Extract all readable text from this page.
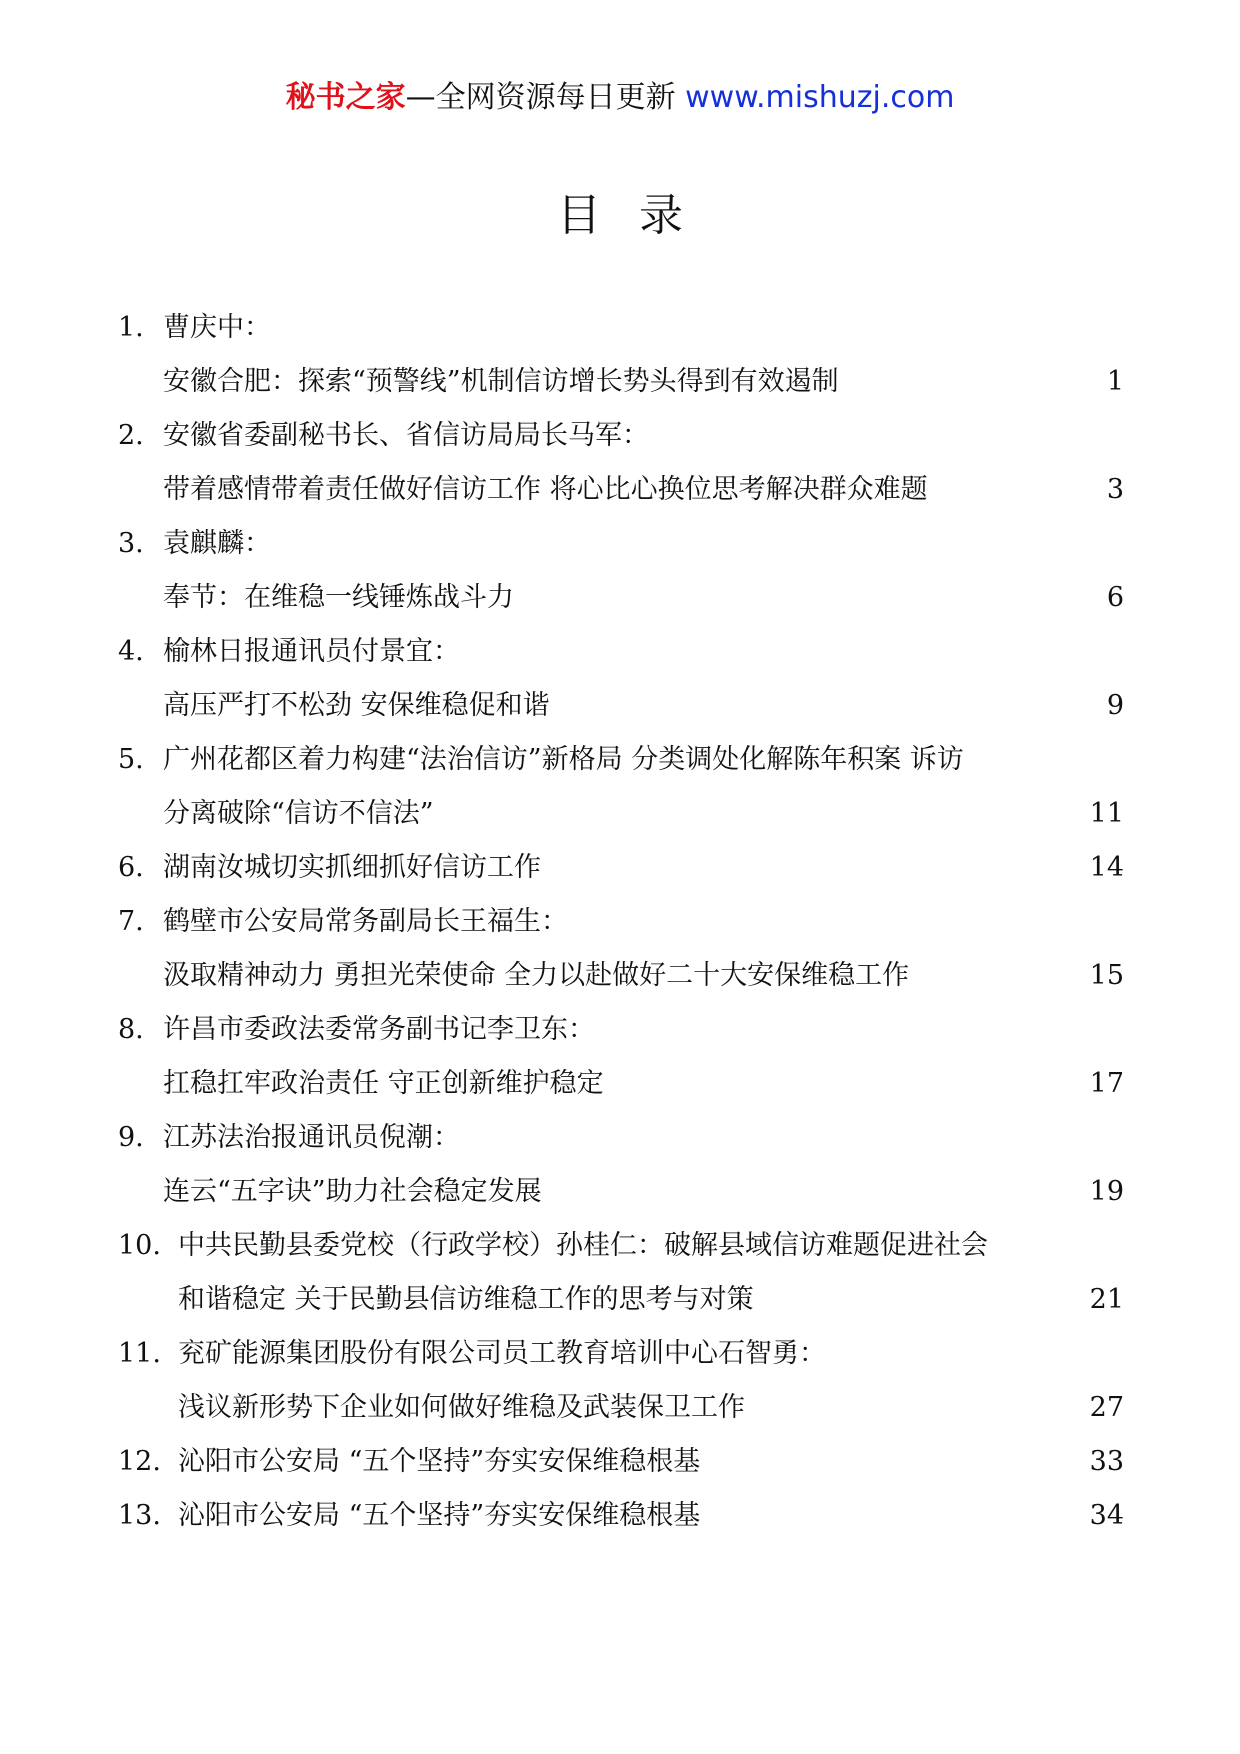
秘书之家—全网资源每日更新 www.mishuzj.com
目录
1. 曹庆中：
安徽合肥：探索“预警线”机制信访增长势头得到有效遏制	1
2. 安徽省委副秘书长、省信访局局长马军：
带着感情带着责任做好信访工作 将心比心换位思考解决群众难题	3
3. 袁麒麟：
奉节：在维稳一线锤炼战斗力	6
4. 榆林日报通讯员付景宜：
高压严打不松劲 安保维稳促和谐	9
5. 广州花都区着力构建“法治信访”新格局 分类调处化解陈年积案 诉访
分离破除“信访不信法”	11
6. 湖南汝城切实抓细抓好信访工作	14
7. 鹤壁市公安局常务副局长王福生：
汲取精神动力 勇担光荣使命 全力以赴做好二十大安保维稳工作	15
8. 许昌市委政法委常务副书记李卫东：
扛稳扛牢政治责任 守正创新维护稳定	17
9. 江苏法治报通讯员倪潮：
连云“五字诀”助力社会稳定发展	19
10. 中共民勤县委党校（行政学校）孙桂仁：破解县域信访难题促进社会
和谐稳定 关于民勤县信访维稳工作的思考与对策	21
11. 兖矿能源集团股份有限公司员工教育培训中心石智勇：
浅议新形势下企业如何做好维稳及武装保卫工作	27
12. 沁阳市公安局 “五个坚持”夯实安保维稳根基	33
13. 沁阳市公安局 “五个坚持”夯实安保维稳根基	34
